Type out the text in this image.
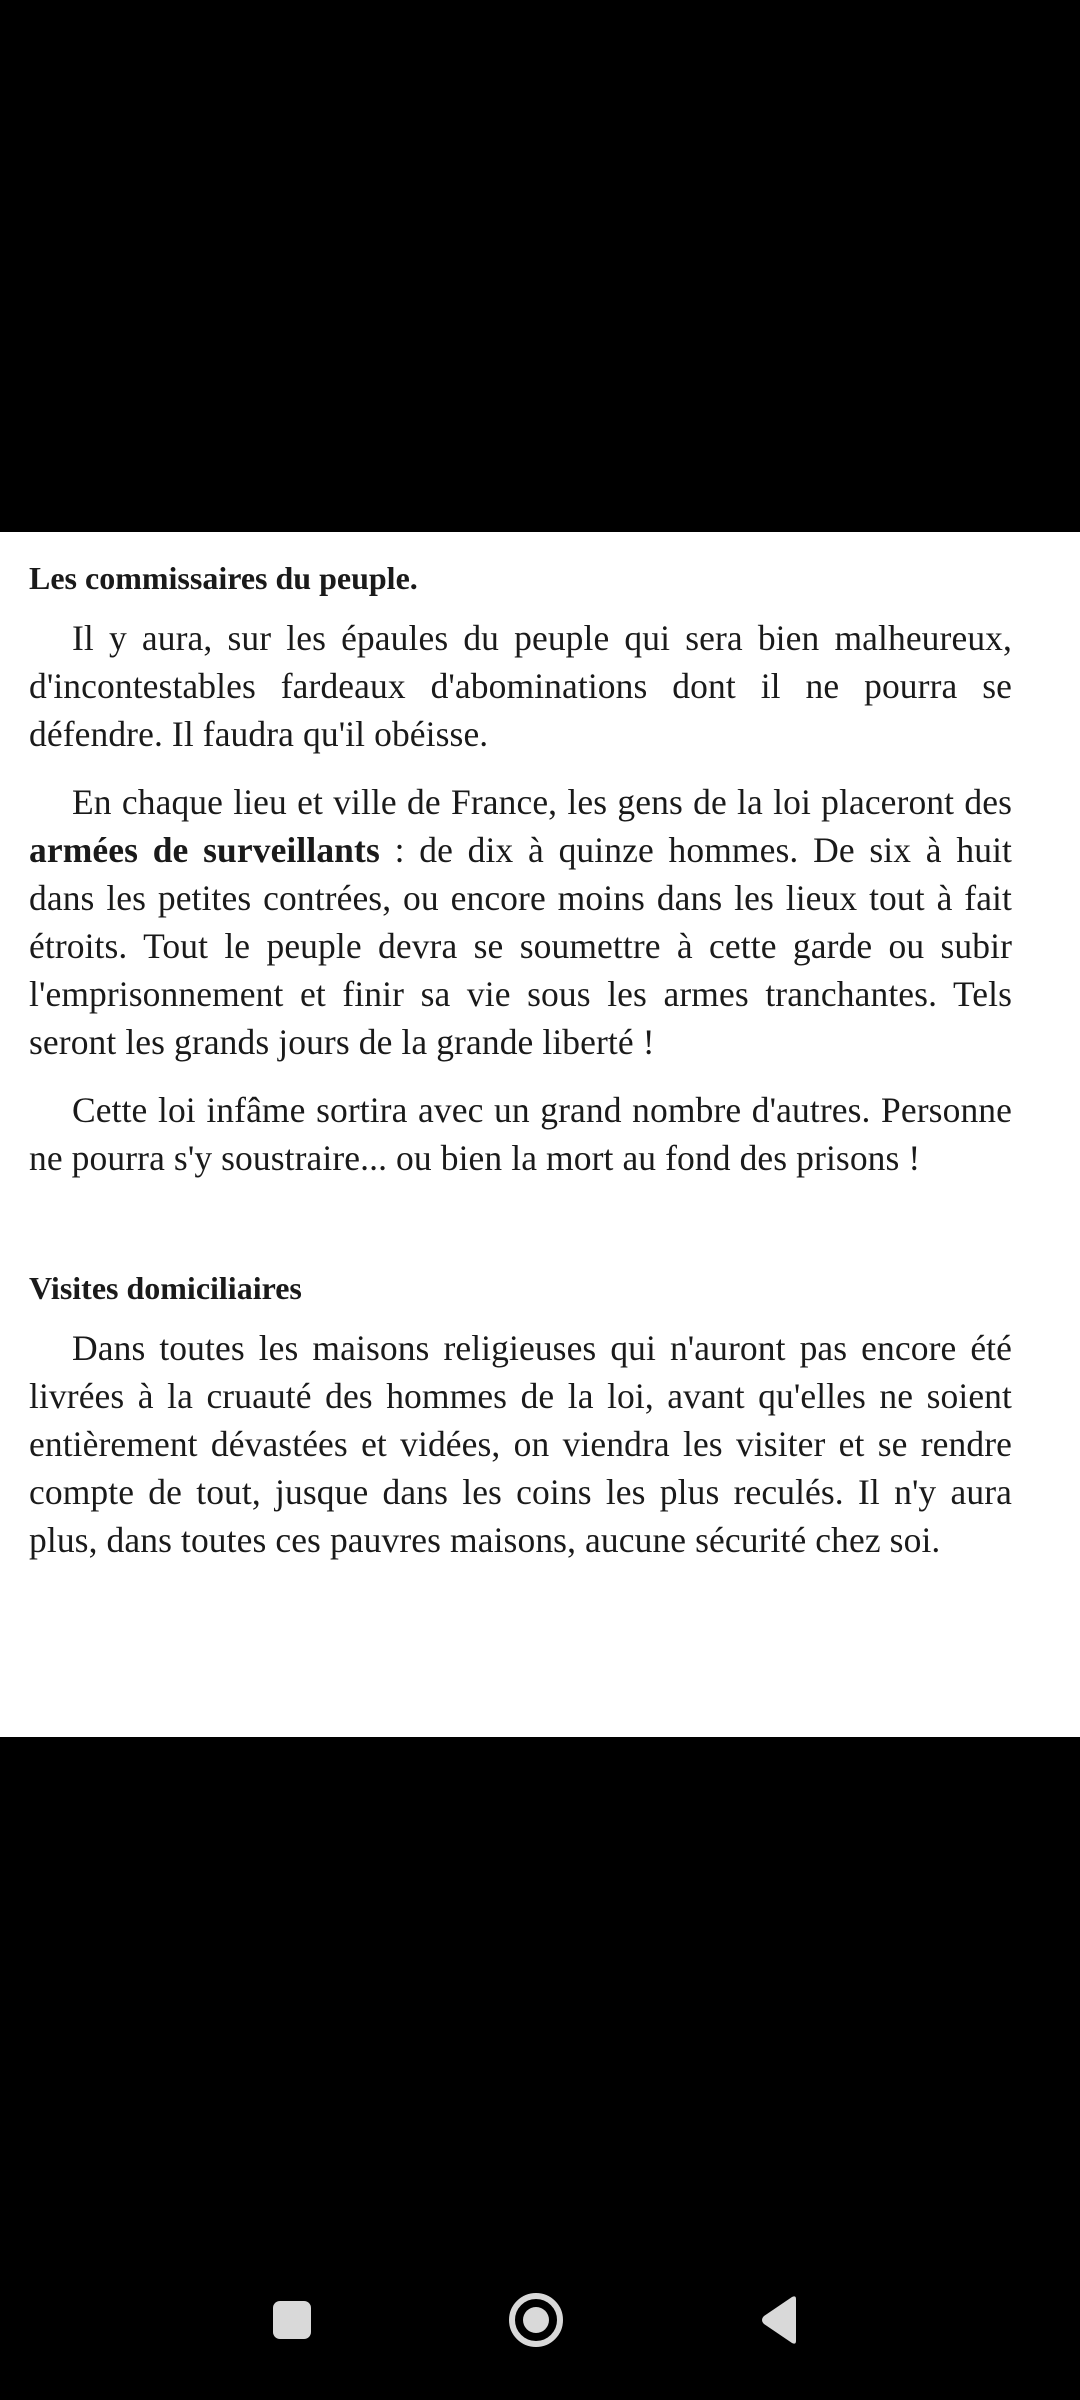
Les commissaires du peuple.

Il y aura, sur les épaules du peuple qui sera bien malheureux, d'incontestables fardeaux d'abominations dont il ne pourra se défendre. Il faudra qu'il obéisse.

En chaque lieu et ville de France, les gens de la loi placeront des armées de surveillants : de dix à quinze hommes. De six à huit dans les petites contrées, ou encore moins dans les lieux tout à fait étroits. Tout le peuple devra se soumettre à cette garde ou subir l'emprisonnement et finir sa vie sous les armes tranchantes. Tels seront les grands jours de la grande liberté !

Cette loi infâme sortira avec un grand nombre d'autres. Personne ne pourra s'y soustraire... ou bien la mort au fond des prisons !

Visites domiciliaires

Dans toutes les maisons religieuses qui n'auront pas encore été livrées à la cruauté des hommes de la loi, avant qu'elles ne soient entièrement dévastées et vidées, on viendra les visiter et se rendre compte de tout, jusque dans les coins les plus reculés. Il n'y aura plus, dans toutes ces pauvres maisons, aucune sécurité chez soi.
